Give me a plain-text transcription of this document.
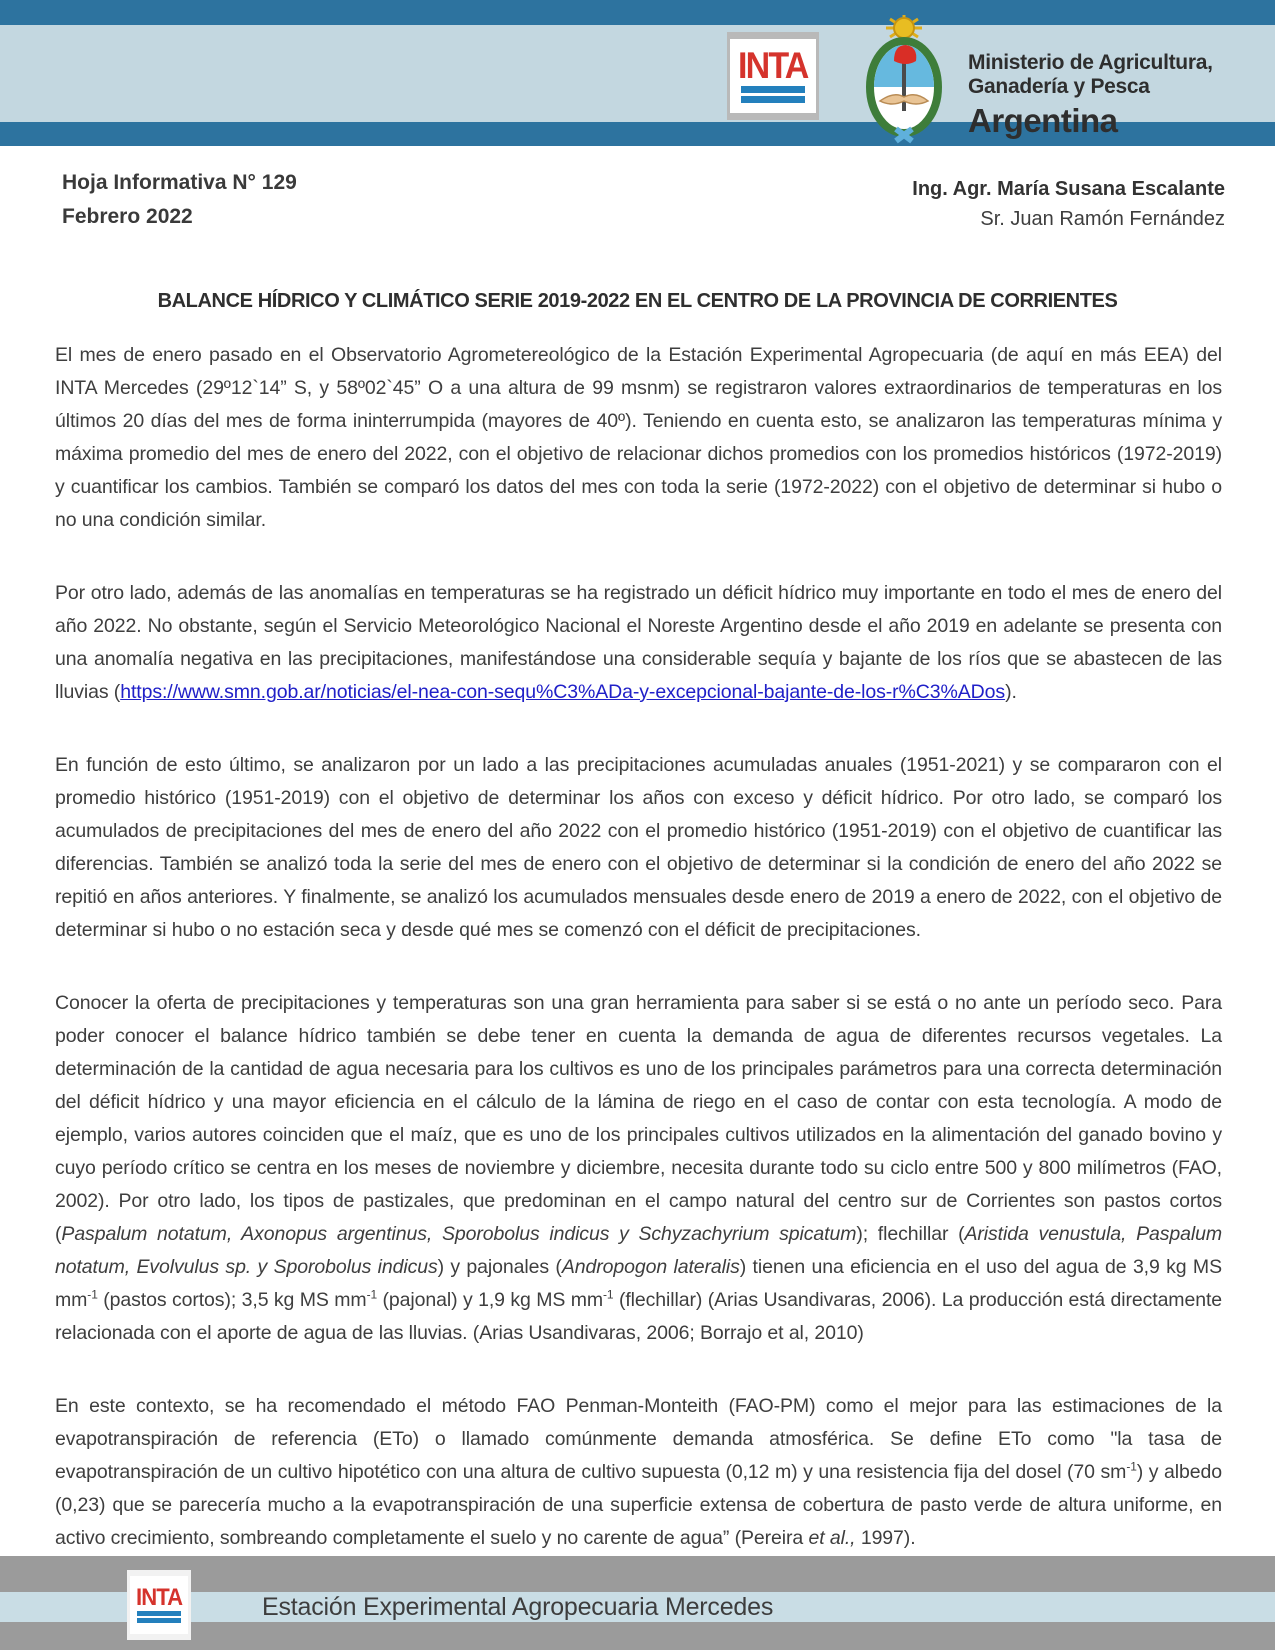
INTA	Ministerio de Agricultura,
Ganadería y Pesca
Argentina
Hoja Informativa N° 129
Febrero 2022
Ing. Agr. María Susana Escalante
Sr. Juan Ramón Fernández
BALANCE HÍDRICO Y CLIMÁTICO SERIE 2019-2022 EN EL CENTRO DE LA PROVINCIA DE CORRIENTES

El mes de enero pasado en el Observatorio Agrometereológico de la Estación Experimental Agropecuaria (de aquí en más EEA) del INTA Mercedes (29º12`14” S, y 58º02`45” O a una altura de 99 msnm) se registraron valores extraordinarios de temperaturas en los últimos 20 días del mes de forma ininterrumpida (mayores de 40º). Teniendo en cuenta esto, se analizaron las temperaturas mínima y máxima promedio del mes de enero del 2022, con el objetivo de relacionar dichos promedios con los promedios históricos (1972-2019) y cuantificar los cambios. También se comparó los datos del mes con toda la serie (1972-2022) con el objetivo de determinar si hubo o no una condición similar.

Por otro lado, además de las anomalías en temperaturas se ha registrado un déficit hídrico muy importante en todo el mes de enero del año 2022. No obstante, según el Servicio Meteorológico Nacional el Noreste Argentino desde el año 2019 en adelante se presenta con una anomalía negativa en las precipitaciones, manifestándose una considerable sequía y bajante de los ríos que se abastecen de las lluvias (https://www.smn.gob.ar/noticias/el-nea-con-sequ%C3%ADa-y-excepcional-bajante-de-los-r%C3%ADos).

En función de esto último, se analizaron por un lado a las precipitaciones acumuladas anuales (1951-2021) y se compararon con el promedio histórico (1951-2019) con el objetivo de determinar los años con exceso y déficit hídrico. Por otro lado, se comparó los acumulados de precipitaciones del mes de enero del año 2022 con el promedio histórico (1951-2019) con el objetivo de cuantificar las diferencias. También se analizó toda la serie del mes de enero con el objetivo de determinar si la condición de enero del año 2022 se repitió en años anteriores. Y finalmente, se analizó los acumulados mensuales desde enero de 2019 a enero de 2022, con el objetivo de determinar si hubo o no estación seca y desde qué mes se comenzó con el déficit de precipitaciones.

Conocer la oferta de precipitaciones y temperaturas son una gran herramienta para saber si se está o no ante un período seco. Para poder conocer el balance hídrico también se debe tener en cuenta la demanda de agua de diferentes recursos vegetales. La determinación de la cantidad de agua necesaria para los cultivos es uno de los principales parámetros para una correcta determinación del déficit hídrico y una mayor eficiencia en el cálculo de la lámina de riego en el caso de contar con esta tecnología. A modo de ejemplo, varios autores coinciden que el maíz, que es uno de los principales cultivos utilizados en la alimentación del ganado bovino y cuyo período crítico se centra en los meses de noviembre y diciembre, necesita durante todo su ciclo entre 500 y 800 milímetros (FAO, 2002). Por otro lado, los tipos de pastizales, que predominan en el campo natural del centro sur de Corrientes son pastos cortos (Paspalum notatum, Axonopus argentinus, Sporobolus indicus y Schyzachyrium spicatum); flechillar (Aristida venustula, Paspalum notatum, Evolvulus sp. y Sporobolus indicus) y pajonales (Andropogon lateralis) tienen una eficiencia en el uso del agua de 3,9 kg MS $mm^{-1}$ (pastos cortos); 3,5 kg MS $mm^{-1}$ (pajonal) y 1,9 kg MS $mm^{-1}$ (flechillar) (Arias Usandivaras, 2006). La producción está directamente relacionada con el aporte de agua de las lluvias. (Arias Usandivaras, 2006; Borrajo et al, 2010)

En este contexto, se ha recomendado el método FAO Penman-Monteith (FAO-PM) como el mejor para las estimaciones de la evapotranspiración de referencia (ETo) o llamado comúnmente demanda atmosférica. Se define ETo como "la tasa de evapotranspiración de un cultivo hipotético con una altura de cultivo supuesta (0,12 m) y una resistencia fija del dosel (70 $sm^{-1}$) y albedo (0,23) que se parecería mucho a la evapotranspiración de una superficie extensa de cobertura de pasto verde de altura uniforme, en activo crecimiento, sombreando completamente el suelo y no carente de agua” (Pereira et al., 1997).

INTA	Estación Experimental Agropecuaria Mercedes
